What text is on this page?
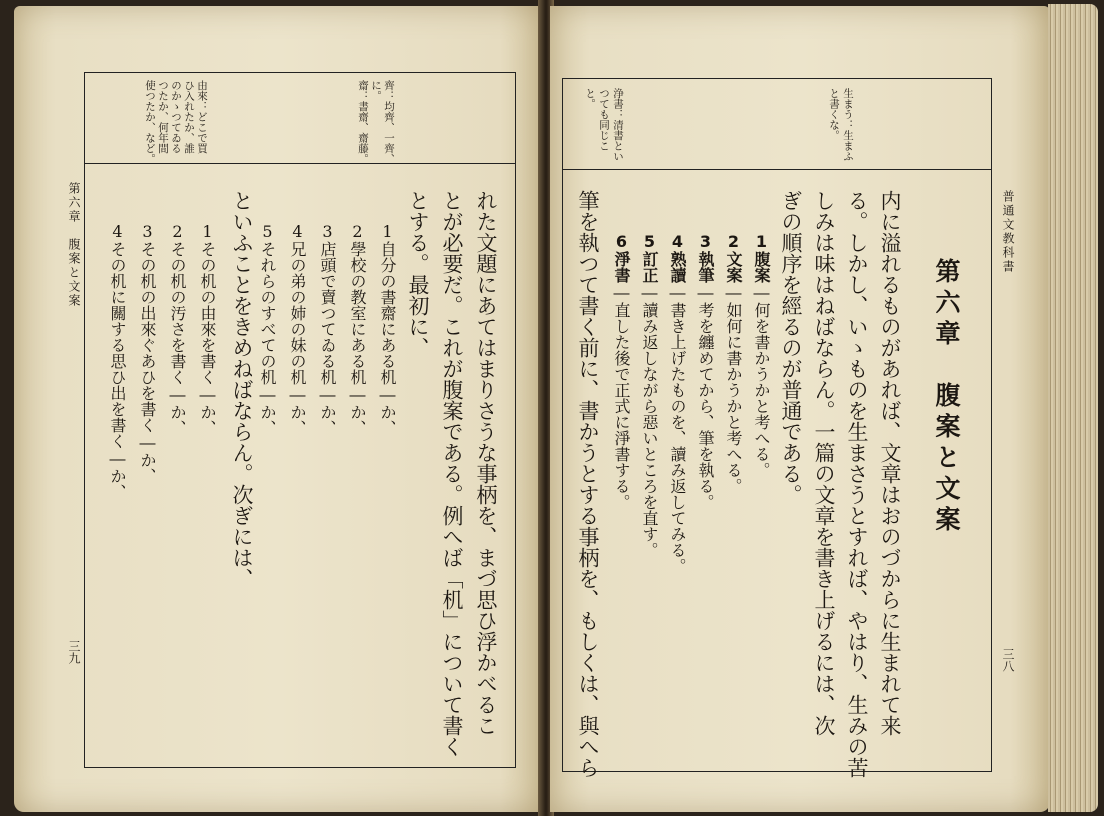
普通文教科書
三八
生まう：生まふ
と書くな。
浄書：清書とい
つても同じこ
と。
第六章　腹案と文案
内に溢れるものがあれば、文章はおのづからに生まれて来
る。しかし、いゝものを生まさうとすれば、やはり、生みの苦
しみは味はねばならん。一篇の文章を書き上げるには、次
ぎの順序を經るのが普通である。
1腹案―何を書かうかと考へる。
2文案―如何に書かうかと考へる。
3執筆―考を纏めてから、筆を執る。
4熟讀―書き上げたものを、讀み返してみる。
5訂正―讀み返しながら惡いところを直す。
6淨書―直した後で正式に淨書する。
筆を執つて書く前に、書かうとする事柄を、もしくは、與へら
第六章　腹案と文案
三九
由來：どこで買
ひ入れたか、誰
のかゝつてゐる
つたか、何年間
使つたか、など。	齊：均齊、一齊、
に。
齋：書齋、齋藤。
れた文題にあてはまりさうな事柄を、まづ思ひ浮かべるこ
とが必要だ。これが腹案である。例へば「机」について書く
とする。最初に、
1自分の書齋にある机―か、
2學校の教室にある机―か、
3店頭で賣つてゐる机―か、
4兄の弟の姉の妹の机―か、
5それらのすべての机―か、
といふことをきめねばならん。次ぎには、
1その机の由來を書く―か、
2その机の汚さを書く―か、
3その机の出來ぐあひを書く―か、
4その机に關する思ひ出を書く―か、
